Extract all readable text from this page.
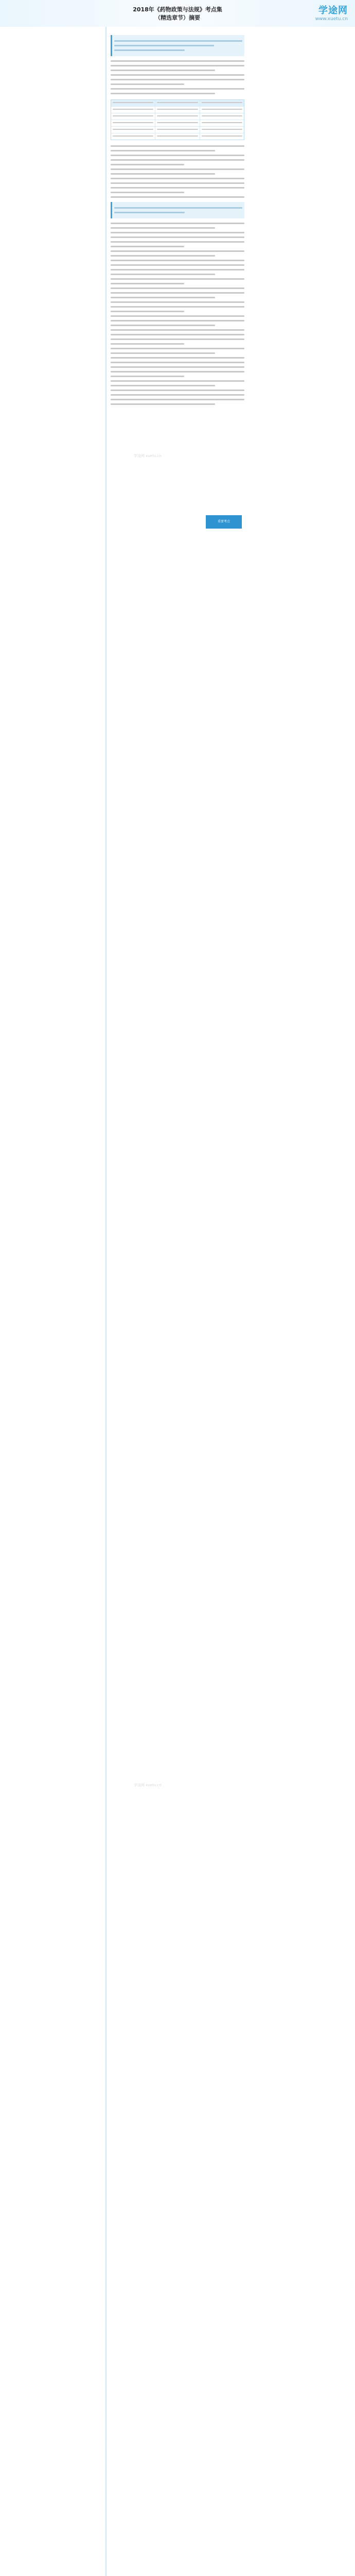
学途网
www.xuetu.cn
2018年《药物政策与法规》考点集
（精选章节）摘要
重要考点
学途网 xuetu.cn
学途网 xuetu.cn
